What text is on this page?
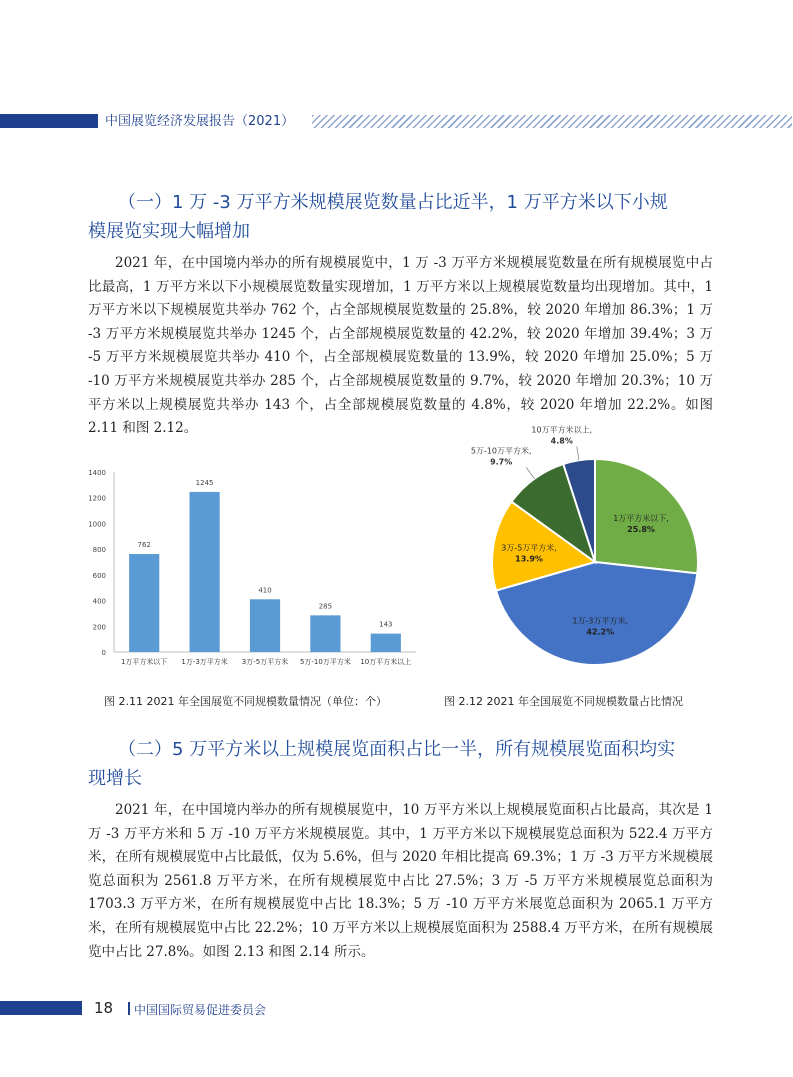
中国展览经济发展报告（2021）
（一）1 万 -3 万平方米规模展览数量占比近半，1 万平方米以下小规
模展览实现大幅增加
2021 年，在中国境内举办的所有规模展览中，1 万 -3 万平方米规模展览数量在所有规模展览中占比最高，1 万平方米以下小规模展览数量实现增加，1 万平方米以上规模展览数量均出现增加。其中，1 万平方米以下规模展览共举办 762 个，占全部规模展览数量的 25.8%，较 2020 年增加 86.3%；1 万 -3 万平方米规模展览共举办 1245 个，占全部规模展览数量的 42.2%，较 2020 年增加 39.4%；3 万 -5 万平方米规模展览共举办 410 个，占全部规模展览数量的 13.9%，较 2020 年增加 25.0%；5 万 -10 万平方米规模展览共举办 285 个，占全部规模展览数量的 9.7%，较 2020 年增加 20.3%；10 万平方米以上规模展览共举办 143 个，占全部规模展览数量的 4.8%，较 2020 年增加 22.2%。如图 2.11 和图 2.12。
0
200
400
600
800
1000
1200
1400
762
1万平方米以下
1245
1万-3万平方米
410
3万-5万平方米
285
5万-10万平方米
143
10万平方米以上
1万平方米以下,
25.8%
1万-3万平方米,
42.2%
3万-5万平方米,
13.9%
5万-10万平方米,
9.7%
10万平方米以上,
4.8%
图 2.11 2021 年全国展览不同规模数量情况（单位：个）	图 2.12 2021 年全国展览不同规模数量占比情况
（二）5 万平方米以上规模展览面积占比一半，所有规模展览面积均实
现增长
2021 年，在中国境内举办的所有规模展览中，10 万平方米以上规模展览面积占比最高，其次是 1 万 -3 万平方米和 5 万 -10 万平方米规模展览。其中，1 万平方米以下规模展览总面积为 522.4 万平方米，在所有规模展览中占比最低，仅为 5.6%，但与 2020 年相比提高 69.3%；1 万 -3 万平方米规模展览总面积为 2561.8 万平方米，在所有规模展览中占比 27.5%；3 万 -5 万平方米规模展览总面积为 1703.3 万平方米，在所有规模展览中占比 18.3%；5 万 -10 万平方米展览总面积为 2065.1 万平方米，在所有规模展览中占比 22.2%；10 万平方米以上规模展览面积为 2588.4 万平方米，在所有规模展览中占比 27.8%。如图 2.13 和图 2.14 所示。
18 中国国际贸易促进委员会
